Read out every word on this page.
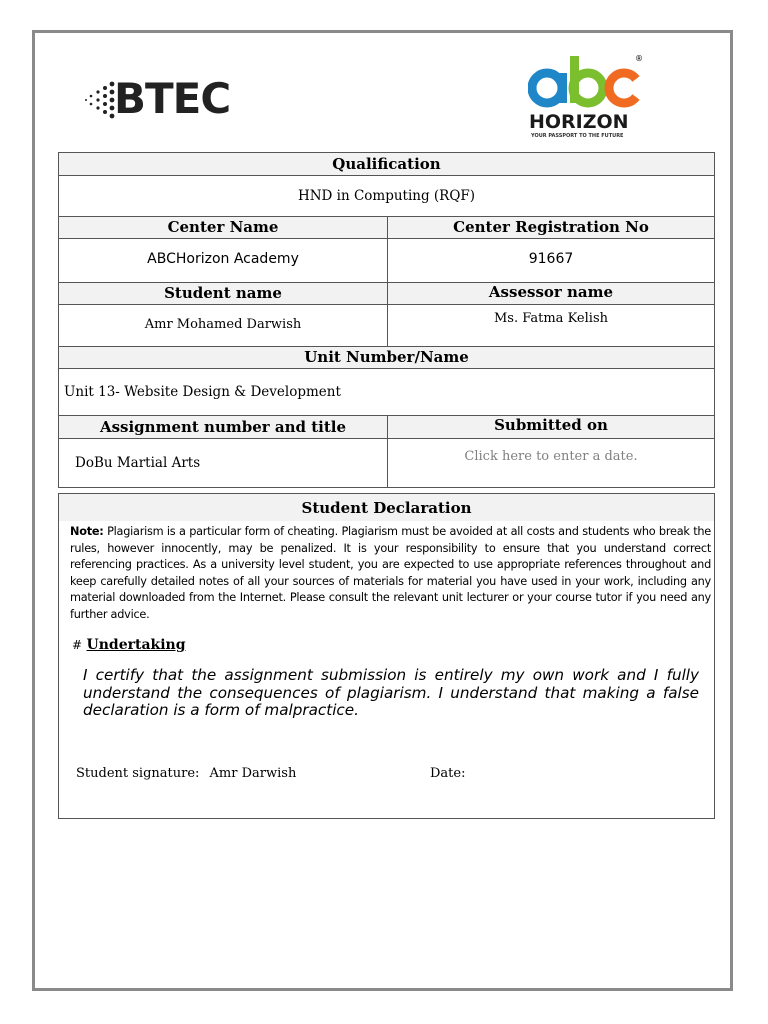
BTEC
®
HORIZON
YOUR PASSPORT TO THE FUTURE
Qualification
HND in Computing (RQF)
Center Name	Center Registration No
ABCHorizon Academy	91667
Student name	Assessor name
Amr Mohamed Darwish	Ms. Fatma Kelish
Unit Number/Name
Unit 13- Website Design & Development
Assignment number and title	Submitted on
DoBu Martial Arts	Click here to enter a date.
Student Declaration
Note: Plagiarism is a particular form of cheating. Plagiarism must be avoided at all costs and students who break the rules, however innocently, may be penalized. It is your responsibility to ensure that you understand correct referencing practices. As a university level student, you are expected to use appropriate references throughout and keep carefully detailed notes of all your sources of materials for material you have used in your work, including any material downloaded from the Internet. Please consult the relevant unit lecturer or your course tutor if you need any further advice.
# Undertaking
I certify that the assignment submission is entirely my own work and I fully understand the consequences of plagiarism. I understand that making a false declaration is a form of malpractice.
Student signature: Amr Darwish	Date:
